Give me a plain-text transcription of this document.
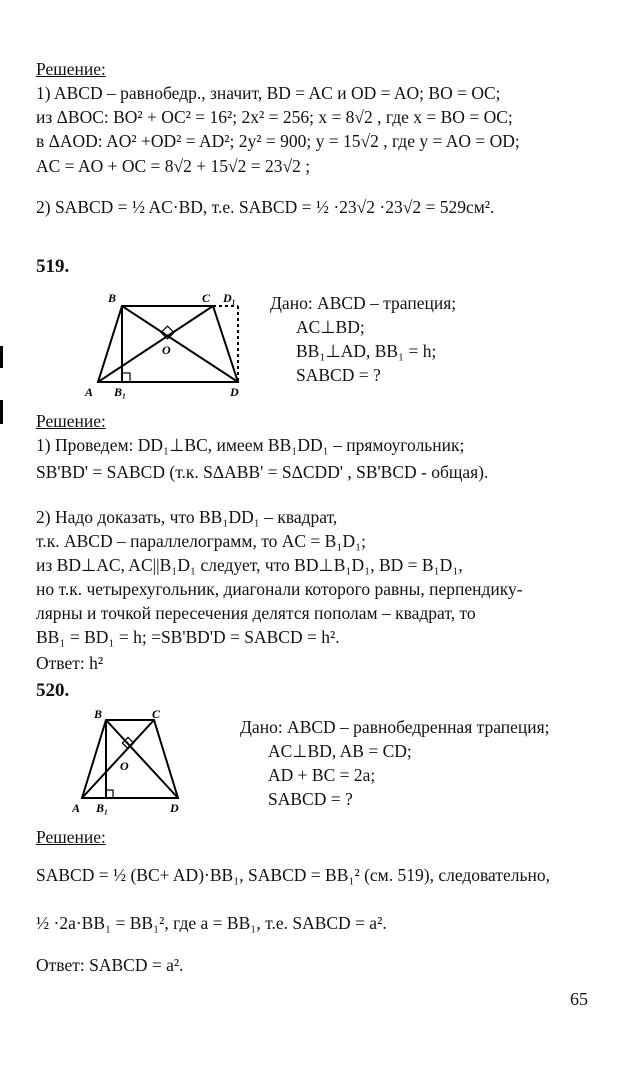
Решение:
1) ABCD – равнобедр., значит, BD = AC и OD = AO; BO = OC;
из ΔBOC: BO² + OC² = 16²; 2x² = 256; x = 8√2 , где x = BO = OC;
в ΔAOD: AO² +OD² = AD²; 2y² = 900; y = 15√2 , где y = AO = OD;
AC = AO + OC = 8√2 + 15√2 = 23√2 ;
2) SABCD = ½ AC·BD, т.е. SABCD = ½ ·23√2 ·23√2 = 529см².
519.
B	C D₁
A B₁	D
O
Дано: ABCD – трапеция;
AC⊥BD;
BB₁⊥AD, BB₁ = h;
SABCD = ?
Решение:
1) Проведем: DD₁⊥BC, имеем BB₁DD₁ – прямоугольник;
SB'BD' = SABCD (т.к. SΔABB' = SΔCDD' , SB'BCD - общая).
2) Надо доказать, что BB₁DD₁ – квадрат,
т.к. ABCD – параллелограмм, то AC = B₁D₁;
из BD⊥AC, AC||B₁D₁ следует, что BD⊥B₁D₁, BD = B₁D₁,
но т.к. четырехугольник, диагонали которого равны, перпендику-
лярны и точкой пересечения делятся пополам – квадрат, то
BB₁ = BD₁ = h; =SB'BD'D = SABCD = h².
Ответ: h²
520.
B	C
A B₁	D
O
Дано: ABCD – равнобедренная трапеция;
AC⊥BD, AB = CD;
AD + BC = 2a;
SABCD = ?
Решение:
SABCD = ½ (BC+ AD)·BB₁, SABCD = BB₁² (см. 519), следовательно,
½ ·2a·BB₁ = BB₁², где a = BB₁, т.е. SABCD = a².
Ответ: SABCD = a².
65
